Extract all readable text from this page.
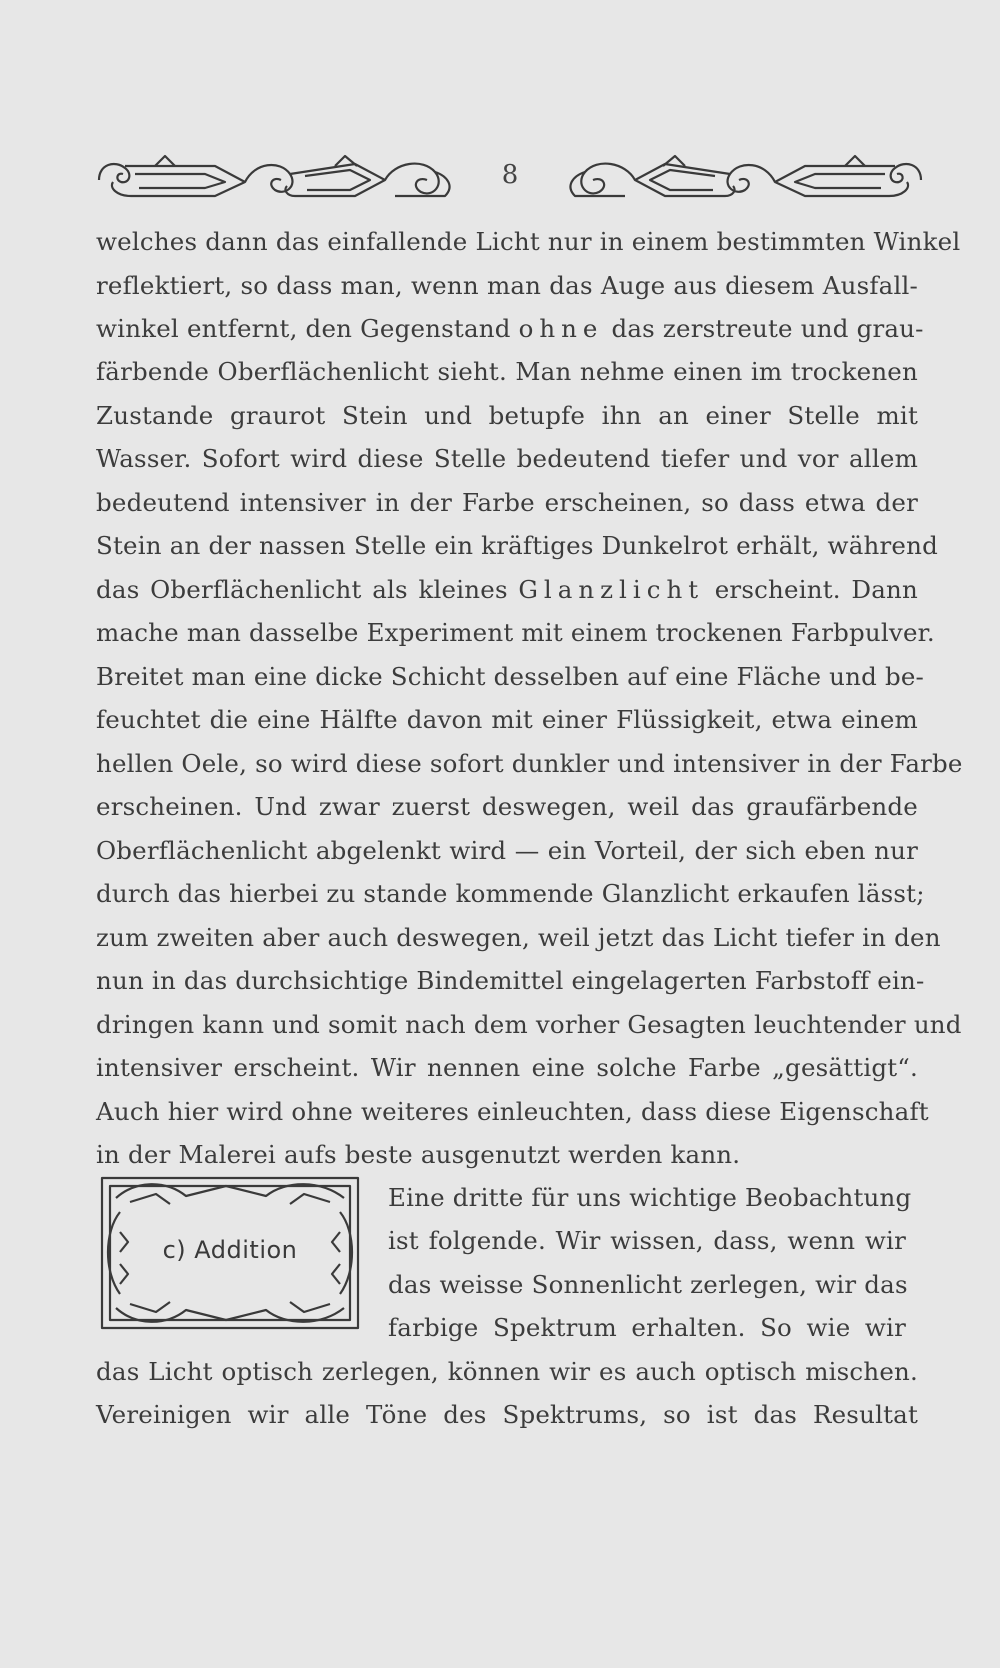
8
welches dann das einfallende Licht nur in einem bestimmten Winkel
reflektiert, so dass man, wenn man das Auge aus diesem Ausfall-
winkel entfernt, den Gegenstand ohne das zerstreute und grau-
färbende Oberflächenlicht sieht. Man nehme einen im trockenen
Zustande graurot Stein und betupfe ihn an einer Stelle mit
Wasser. Sofort wird diese Stelle bedeutend tiefer und vor allem
bedeutend intensiver in der Farbe erscheinen, so dass etwa der
Stein an der nassen Stelle ein kräftiges Dunkelrot erhält, während
das Oberflächenlicht als kleines Glanzlicht erscheint. Dann
mache man dasselbe Experiment mit einem trockenen Farbpulver.
Breitet man eine dicke Schicht desselben auf eine Fläche und be-
feuchtet die eine Hälfte davon mit einer Flüssigkeit, etwa einem
hellen Oele, so wird diese sofort dunkler und intensiver in der Farbe
erscheinen. Und zwar zuerst deswegen, weil das graufärbende
Oberflächenlicht abgelenkt wird — ein Vorteil, der sich eben nur
durch das hierbei zu stande kommende Glanzlicht erkaufen lässt;
zum zweiten aber auch deswegen, weil jetzt das Licht tiefer in den
nun in das durchsichtige Bindemittel eingelagerten Farbstoff ein-
dringen kann und somit nach dem vorher Gesagten leuchtender und
intensiver erscheint. Wir nennen eine solche Farbe „gesättigt“.
Auch hier wird ohne weiteres einleuchten, dass diese Eigenschaft
in der Malerei aufs beste ausgenutzt werden kann.
c) Addition
Eine dritte für uns wichtige Beobachtung
ist folgende. Wir wissen, dass, wenn wir
das weisse Sonnenlicht zerlegen, wir das
farbige Spektrum erhalten. So wie wir
das Licht optisch zerlegen, können wir es auch optisch mischen.
Vereinigen wir alle Töne des Spektrums, so ist das Resultat
